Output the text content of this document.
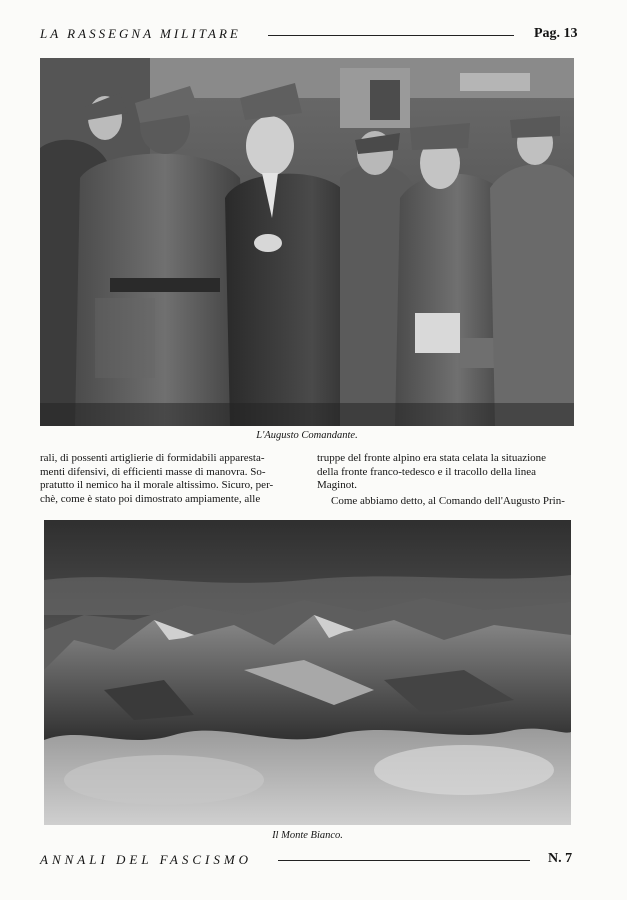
LA RASSEGNA MILITARE	Pag. 13
L'Augusto Comandante.

rali, di possenti artiglierie di formidabili apparesta-

menti difensivi, di efficienti masse di manovra. So-

pratutto il nemico ha il morale altissimo. Sicuro, per-

chè, come è stato poi dimostrato ampiamente, alle

truppe del fronte alpino era stata celata la situazione

della fronte franco-tedesco e il tracollo della linea

Maginot.

Come abbiamo detto, al Comando dell'Augusto Prin-

Il Monte Bianco.
ANNALI DEL FASCISMO	N. 7
